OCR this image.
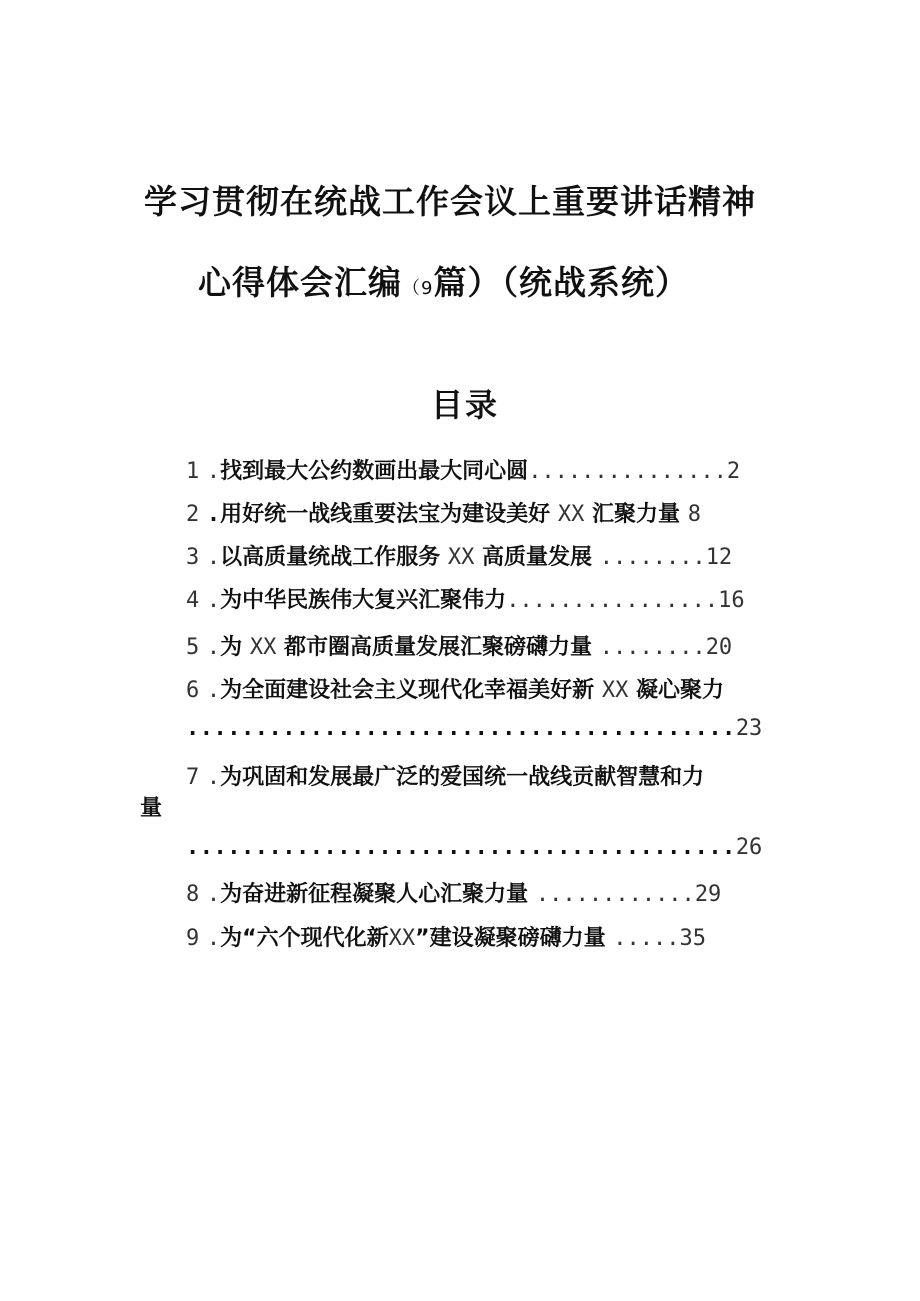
学习贯彻在统战工作会议上重要讲话精神
心得体会汇编（9篇）（统战系统）
目录
1 .找到最大公约数画出最大同心圆...............2
2 .用好统一战线重要法宝为建设美好 XX 汇聚力量 8
3 .以高质量统战工作服务 XX 高质量发展 ........12
4 .为中华民族伟大复兴汇聚伟力................16
5 .为 XX 都市圈高质量发展汇聚磅礴力量 ........20
6 .为全面建设社会主义现代化幸福美好新 XX 凝心聚力
........................................23
7 .为巩固和发展最广泛的爱国统一战线贡献智慧和力
量
........................................26
8 .为奋进新征程凝聚人心汇聚力量 ............29
9 .为“六个现代化新XX”建设凝聚磅礴力量 .....35
